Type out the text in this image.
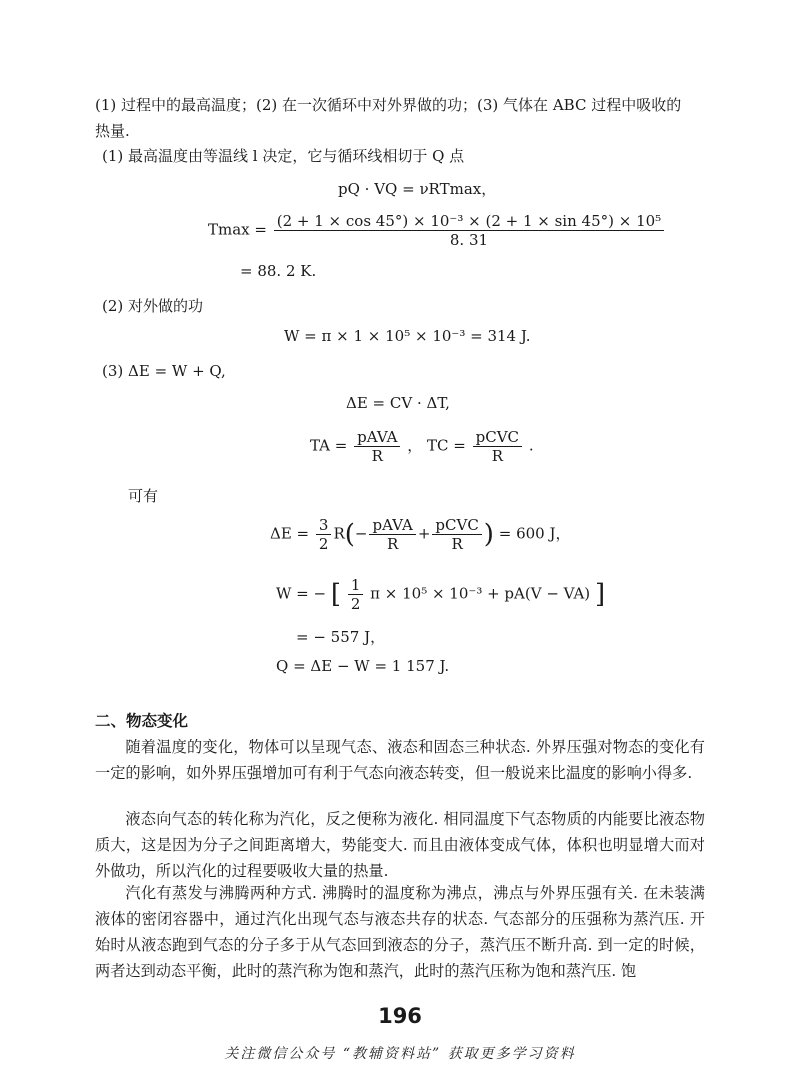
(1) 过程中的最高温度；(2) 在一次循环中对外界做的功；(3) 气体在 ABC 过程中吸收的
热量.
(1) 最高温度由等温线 l 决定，它与循环线相切于 Q 点
pQ · VQ = νRTmax，
$Tmax = \frac{\text{(2 + 1 × cos 45°) × 10⁻³ × (2 + 1 × sin 45°) × 10⁵}}{8. 31}$
= 88. 2 K.
(2) 对外做的功
W = π × 1 × 10⁵ × 10⁻³ = 314 J.
(3) ΔE = W + Q,
ΔE = CV · ΔT,
TA = $\frac{\text{pAVA}}{R}$ ， TC = $\frac{\text{pCVC}}{R}$ .
可有
$\Delta E = \frac{3}{2} R(- \frac{\text{pAVA}}{R} + \frac{\text{pCVC}}{R}$ ) = 600 J，
W = − [ $\frac{1}{2}$ π × 10⁵ × 10⁻³ + pA(V − VA) ]
= − 557 J，
Q = ΔE − W = 1 157 J.
二、物态变化
随着温度的变化，物体可以呈现气态、液态和固态三种状态. 外界压强对物态的变化有一定的影响，如外界压强增加可有利于气态向液态转变，但一般说来比温度的影响小得多.
液态向气态的转化称为汽化，反之便称为液化. 相同温度下气态物质的内能要比液态物质大，这是因为分子之间距离增大，势能变大. 而且由液体变成气体，体积也明显增大而对外做功，所以汽化的过程要吸收大量的热量.
汽化有蒸发与沸腾两种方式. 沸腾时的温度称为沸点，沸点与外界压强有关. 在未装满液体的密闭容器中，通过汽化出现气态与液态共存的状态. 气态部分的压强称为蒸汽压. 开始时从液态跑到气态的分子多于从气态回到液态的分子，蒸汽压不断升高. 到一定的时候，两者达到动态平衡，此时的蒸汽称为饱和蒸汽，此时的蒸汽压称为饱和蒸汽压. 饱
196
关注微信公众号 “教辅资料站” 获取更多学习资料
